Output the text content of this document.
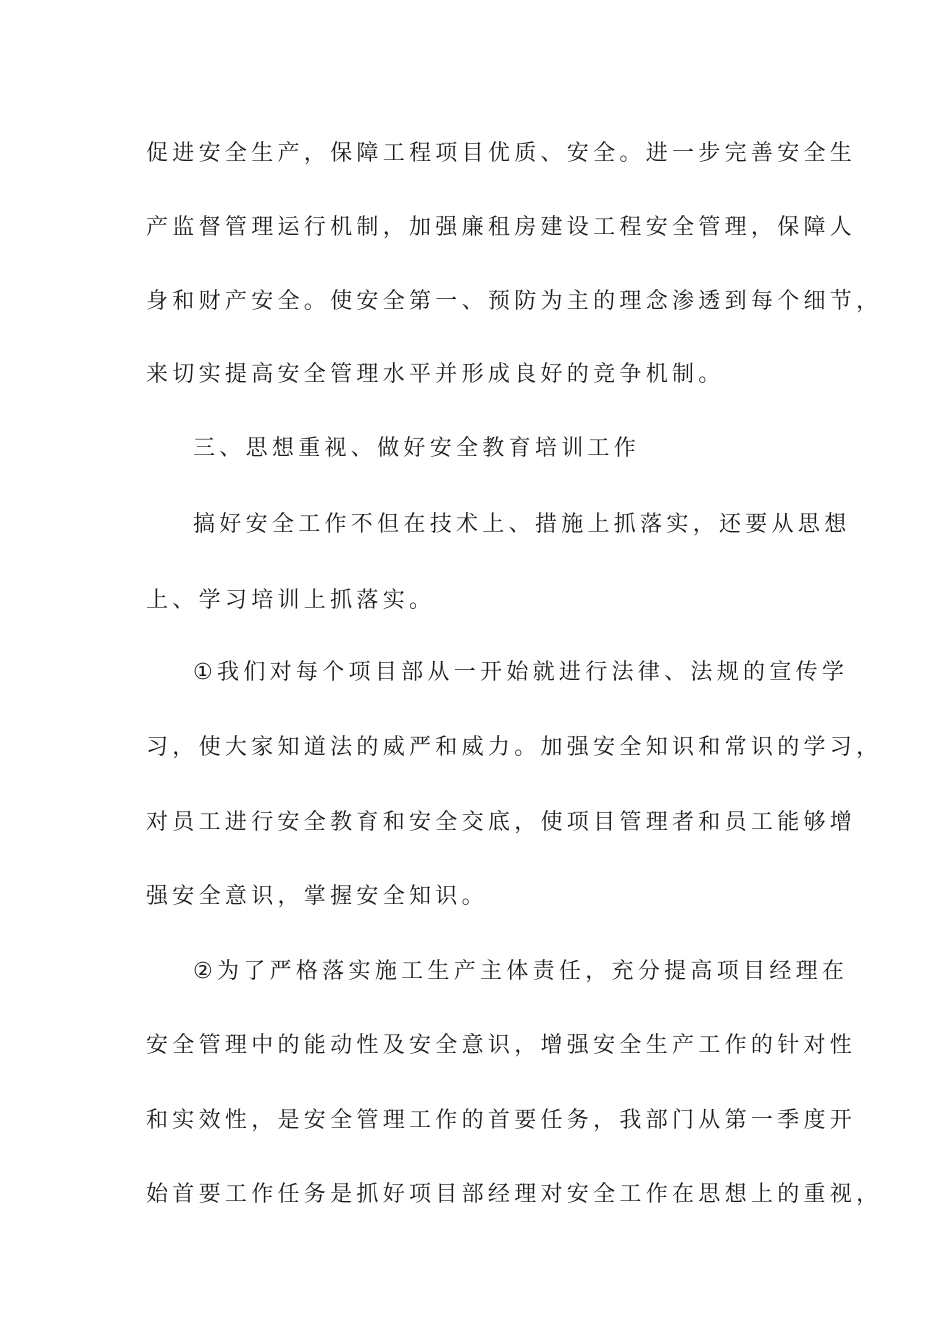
促进安全生产，保障工程项目优质、安全。进一步完善安全生
产监督管理运行机制，加强廉租房建设工程安全管理，保障人
身和财产安全。使安全第一、预防为主的理念渗透到每个细节，
来切实提高安全管理水平并形成良好的竞争机制。
三、思想重视、做好安全教育培训工作
搞好安全工作不但在技术上、措施上抓落实，还要从思想
上、学习培训上抓落实。
①我们对每个项目部从一开始就进行法律、法规的宣传学
习，使大家知道法的威严和威力。加强安全知识和常识的学习，
对员工进行安全教育和安全交底，使项目管理者和员工能够增
强安全意识，掌握安全知识。
②为了严格落实施工生产主体责任，充分提高项目经理在
安全管理中的能动性及安全意识，增强安全生产工作的针对性
和实效性，是安全管理工作的首要任务，我部门从第一季度开
始首要工作任务是抓好项目部经理对安全工作在思想上的重视，
